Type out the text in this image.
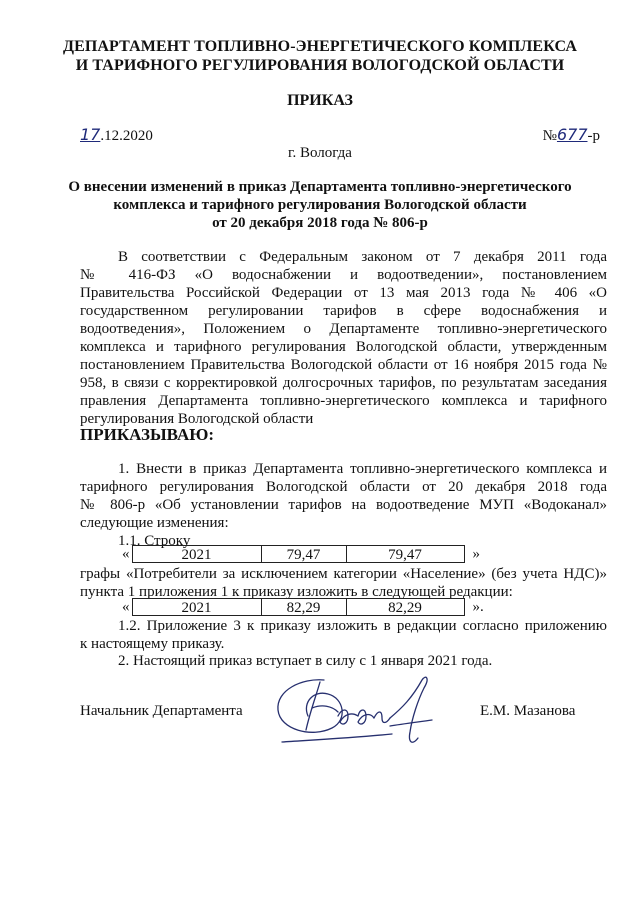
ДЕПАРТАМЕНТ ТОПЛИВНО-ЭНЕРГЕТИЧЕСКОГО КОМПЛЕКСА
И ТАРИФНОГО РЕГУЛИРОВАНИЯ ВОЛОГОДСКОЙ ОБЛАСТИ
ПРИКАЗ
17.12.2020	№677-р
г. Вологда
О внесении изменений в приказ Департамента топливно-энергетического
комплекса и тарифного регулирования Вологодской области
от 20 декабря 2018 года № 806-р
В соответствии с Федеральным законом от 7 декабря 2011 года
№ 416-ФЗ «О водоснабжении и водоотведении», постановлением
Правительства Российской Федерации от 13 мая 2013 года № 406 «О
государственном регулировании тарифов в сфере водоснабжения и
водоотведения», Положением о Департаменте топливно-энергетического
комплекса и тарифного регулирования Вологодской области, утвержденным
постановлением Правительства Вологодской области от 16 ноября 2015 года №
958, в связи с корректировкой долгосрочных тарифов, по результатам заседания
правления Департамента топливно-энергетического комплекса и тарифного
регулирования Вологодской области
ПРИКАЗЫВАЮ:
1. Внести в приказ Департамента топливно-энергетического комплекса и
тарифного регулирования Вологодской области от 20 декабря 2018 года
№ 806-р «Об установлении тарифов на водоотведение МУП «Водоканал»
следующие изменения:
1.1. Строку
«	2021	79,47	79,47	»
графы «Потребители за исключением категории «Население» (без учета НДС)»
пункта 1 приложения 1 к приказу изложить в следующей редакции:
«	2021	82,29	82,29	».
1.2. Приложение 3 к приказу изложить в редакции согласно приложению
к настоящему приказу.
2. Настоящий приказ вступает в силу с 1 января 2021 года.
Начальник Департамента	Е.М. Мазанова
